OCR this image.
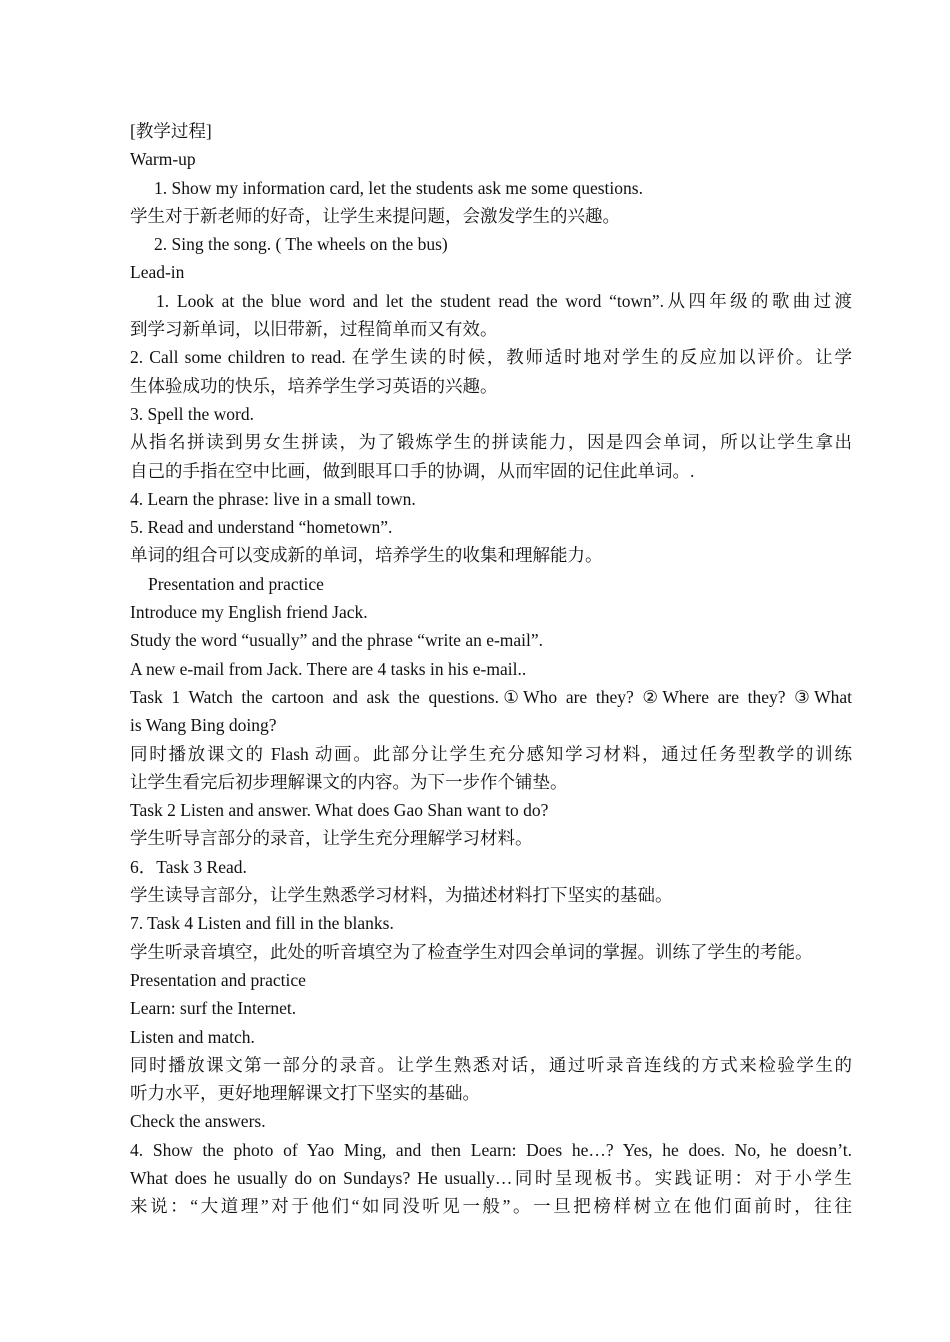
[教学过程]
Warm-up
1. Show my information card, let the students ask me some questions.
学生对于新老师的好奇，让学生来提问题，会激发学生的兴趣。
2. Sing the song. ( The wheels on the bus)
Lead-in
1. Look at the blue word and let the student read the word “town”.从四年级的歌曲过渡
到学习新单词，以旧带新，过程简单而又有效。
2. Call some children to read. 在学生读的时候，教师适时地对学生的反应加以评价。让学
生体验成功的快乐，培养学生学习英语的兴趣。
3. Spell the word.
从指名拼读到男女生拼读，为了锻炼学生的拼读能力，因是四会单词，所以让学生拿出
自己的手指在空中比画，做到眼耳口手的协调，从而牢固的记住此单词。.
4. Learn the phrase: live in a small town.
5. Read and understand “hometown”.
单词的组合可以变成新的单词，培养学生的收集和理解能力。
Presentation and practice
Introduce my English friend Jack.
Study the word “usually” and the phrase “write an e-mail”.
A new e-mail from Jack. There are 4 tasks in his e-mail..
Task 1 Watch the cartoon and ask the questions.①Who are they? ②Where are they? ③What
is Wang Bing doing?
同时播放课文的 Flash 动画。此部分让学生充分感知学习材料，通过任务型教学的训练
让学生看完后初步理解课文的内容。为下一步作个铺垫。
Task 2 Listen and answer. What does Gao Shan want to do?
学生听导言部分的录音，让学生充分理解学习材料。
6．Task 3 Read.
学生读导言部分，让学生熟悉学习材料，为描述材料打下坚实的基础。
7. Task 4 Listen and fill in the blanks.
学生听录音填空，此处的听音填空为了检查学生对四会单词的掌握。训练了学生的考能。
Presentation and practice
Learn: surf the Internet.
Listen and match.
同时播放课文第一部分的录音。让学生熟悉对话，通过听录音连线的方式来检验学生的
听力水平，更好地理解课文打下坚实的基础。
Check the answers.
4. Show the photo of Yao Ming, and then Learn: Does he…? Yes, he does. No, he doesn’t.
What does he usually do on Sundays? He usually…同时呈现板书。实践证明：对于小学生
来说：“大道理”对于他们“如同没听见一般”。一旦把榜样树立在他们面前时，往往
